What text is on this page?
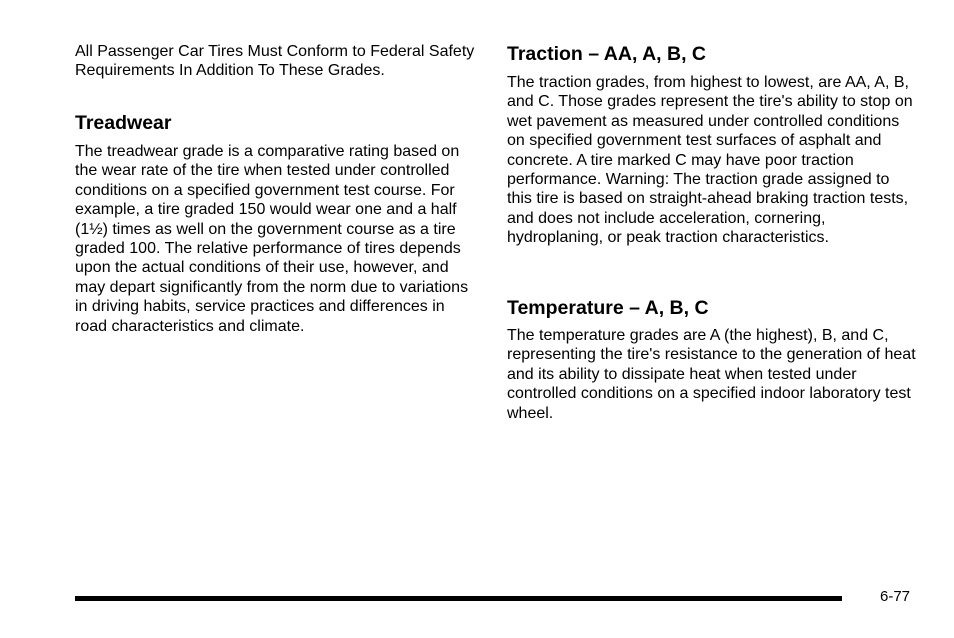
All Passenger Car Tires Must Conform to Federal Safety Requirements In Addition To These Grades.

Treadwear

The treadwear grade is a comparative rating based on the wear rate of the tire when tested under controlled conditions on a specified government test course. For example, a tire graded 150 would wear one and a half (1½) times as well on the government course as a tire graded 100. The relative performance of tires depends upon the actual conditions of their use, however, and may depart significantly from the norm due to variations in driving habits, service practices and differences in road characteristics and climate.

Traction – AA, A, B, C

The traction grades, from highest to lowest, are AA, A, B, and C. Those grades represent the tire's ability to stop on wet pavement as measured under controlled conditions on specified government test surfaces of asphalt and concrete. A tire marked C may have poor traction performance. Warning: The traction grade assigned to this tire is based on straight-ahead braking traction tests, and does not include acceleration, cornering, hydroplaning, or peak traction characteristics.

Temperature – A, B, C

The temperature grades are A (the highest), B, and C, representing the tire's resistance to the generation of heat and its ability to dissipate heat when tested under controlled conditions on a specified indoor laboratory test wheel.

6-77
